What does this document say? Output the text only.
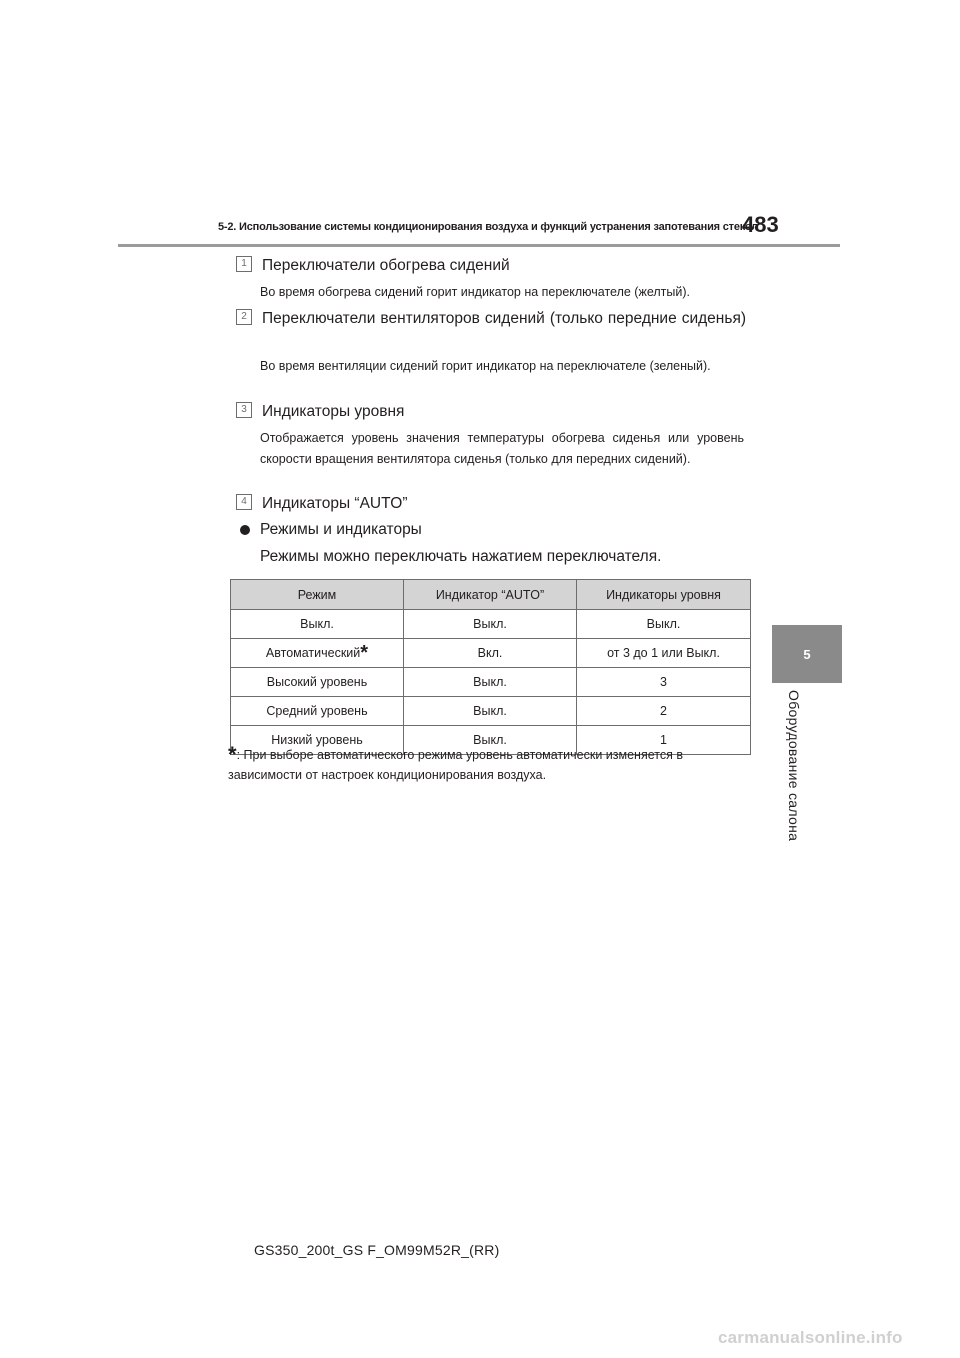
5-2. Использование системы кондиционирования воздуха и функций устранения запотевания стекол
483
5
Оборудование салона
1 Переключатели обогрева сидений
Во время обогрева сидений горит индикатор на переключателе (желтый).
2 Переключатели вентиляторов сидений (только передние сиденья)
Во время вентиляции сидений горит индикатор на переключателе (зеленый).
3 Индикаторы уровня
Отображается уровень значения температуры обогрева сиденья или уровень скорости вращения вентилятора сиденья (только для передних сидений).
4 Индикаторы “AUTO”
Режимы и индикаторы
Режимы можно переключать нажатием переключателя.
Режим	Индикатор “AUTO”	Индикаторы уровня
Выкл.	Выкл.	Выкл.
Автоматический*	Вкл.	от 3 до 1 или Выкл.
Высокий уровень	Выкл.	3
Средний уровень	Выкл.	2
Низкий уровень	Выкл.	1
*: При выборе автоматического режима уровень автоматически изменяется в зависимости от настроек кондиционирования воздуха.
GS350_200t_GS F_OM99M52R_(RR)
carmanualsonline.info
